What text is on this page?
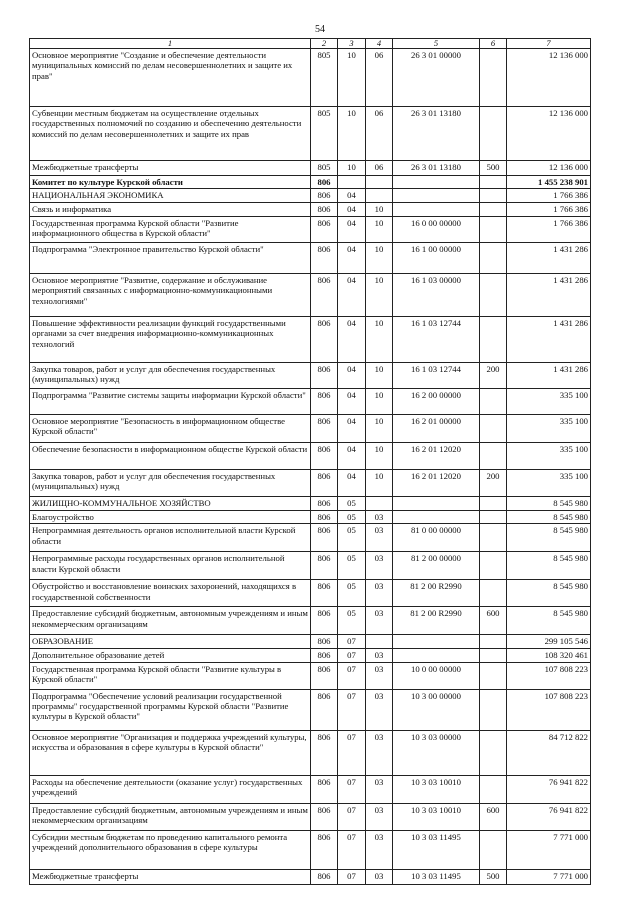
54
1	2	3	4	5	6	7
Основное мероприятие "Создание и обеспечение деятельности муниципальных комиссий по делам несовершеннолетних и защите их прав"	805	10	06	26 3 01 00000		12 136 000
Субвенции местным бюджетам на осуществление отдельных государственных полномочий по созданию и обеспечению деятельности комиссий по делам несовершеннолетних и защите их прав	805	10	06	26 3 01 13180		12 136 000
Межбюджетные трансферты	805	10	06	26 3 01 13180	500	12 136 000
Комитет по культуре Курской области	806					1 455 238 901
НАЦИОНАЛЬНАЯ ЭКОНОМИКА	806	04				1 766 386
Связь и информатика	806	04	10			1 766 386
Государственная программа Курской области "Развитие информационного общества в Курской области"	806	04	10	16 0 00 00000		1 766 386
Подпрограмма "Электронное правительство Курской области"	806	04	10	16 1 00 00000		1 431 286
Основное мероприятие "Развитие, содержание и обслуживание мероприятий связанных с информационно-коммуникационными технологиями"	806	04	10	16 1 03 00000		1 431 286
Повышение эффективности реализации функций государственными органами за счет внедрения информационно-коммуникационных технологий	806	04	10	16 1 03 12744		1 431 286
Закупка товаров, работ и услуг для обеспечения государственных (муниципальных) нужд	806	04	10	16 1 03 12744	200	1 431 286
Подпрограмма "Развитие системы защиты информации Курской области"	806	04	10	16 2 00 00000		335 100
Основное мероприятие "Безопасность в информационном обществе Курской области"	806	04	10	16 2 01 00000		335 100
Обеспечение безопасности в информационном обществе Курской области	806	04	10	16 2 01 12020		335 100
Закупка товаров, работ и услуг для обеспечения государственных (муниципальных) нужд	806	04	10	16 2 01 12020	200	335 100
ЖИЛИЩНО-КОММУНАЛЬНОЕ ХОЗЯЙСТВО	806	05				8 545 980
Благоустройство	806	05	03			8 545 980
Непрограммная деятельность органов исполнительной власти Курской области	806	05	03	81 0 00 00000		8 545 980
Непрограммные расходы государственных органов исполнительной власти Курской области	806	05	03	81 2 00 00000		8 545 980
Обустройство и восстановление воинских захоронений, находящихся в государственной собственности	806	05	03	81 2 00 R2990		8 545 980
Предоставление субсидий бюджетным, автономным учреждениям и иным некоммерческим организациям	806	05	03	81 2 00 R2990	600	8 545 980
ОБРАЗОВАНИЕ	806	07				299 105 546
Дополнительное образование детей	806	07	03			108 320 461
Государственная программа Курской области "Развитие культуры в Курской области"	806	07	03	10 0 00 00000		107 808 223
Подпрограмма "Обеспечение условий реализации государственной программы" государственной программы Курской области "Развитие культуры в Курской области"	806	07	03	10 3 00 00000		107 808 223
Основное мероприятие "Организация и поддержка учреждений культуры, искусства и образования в сфере культуры в Курской области"	806	07	03	10 3 03 00000		84 712 822
Расходы на обеспечение деятельности (оказание услуг) государственных учреждений	806	07	03	10 3 03 10010		76 941 822
Предоставление субсидий бюджетным, автономным учреждениям и иным некоммерческим организациям	806	07	03	10 3 03 10010	600	76 941 822
Субсидии местным бюджетам по проведению капитального ремонта учреждений дополнительного образования в сфере культуры	806	07	03	10 3 03 11495		7 771 000
Межбюджетные трансферты	806	07	03	10 3 03 11495	500	7 771 000
